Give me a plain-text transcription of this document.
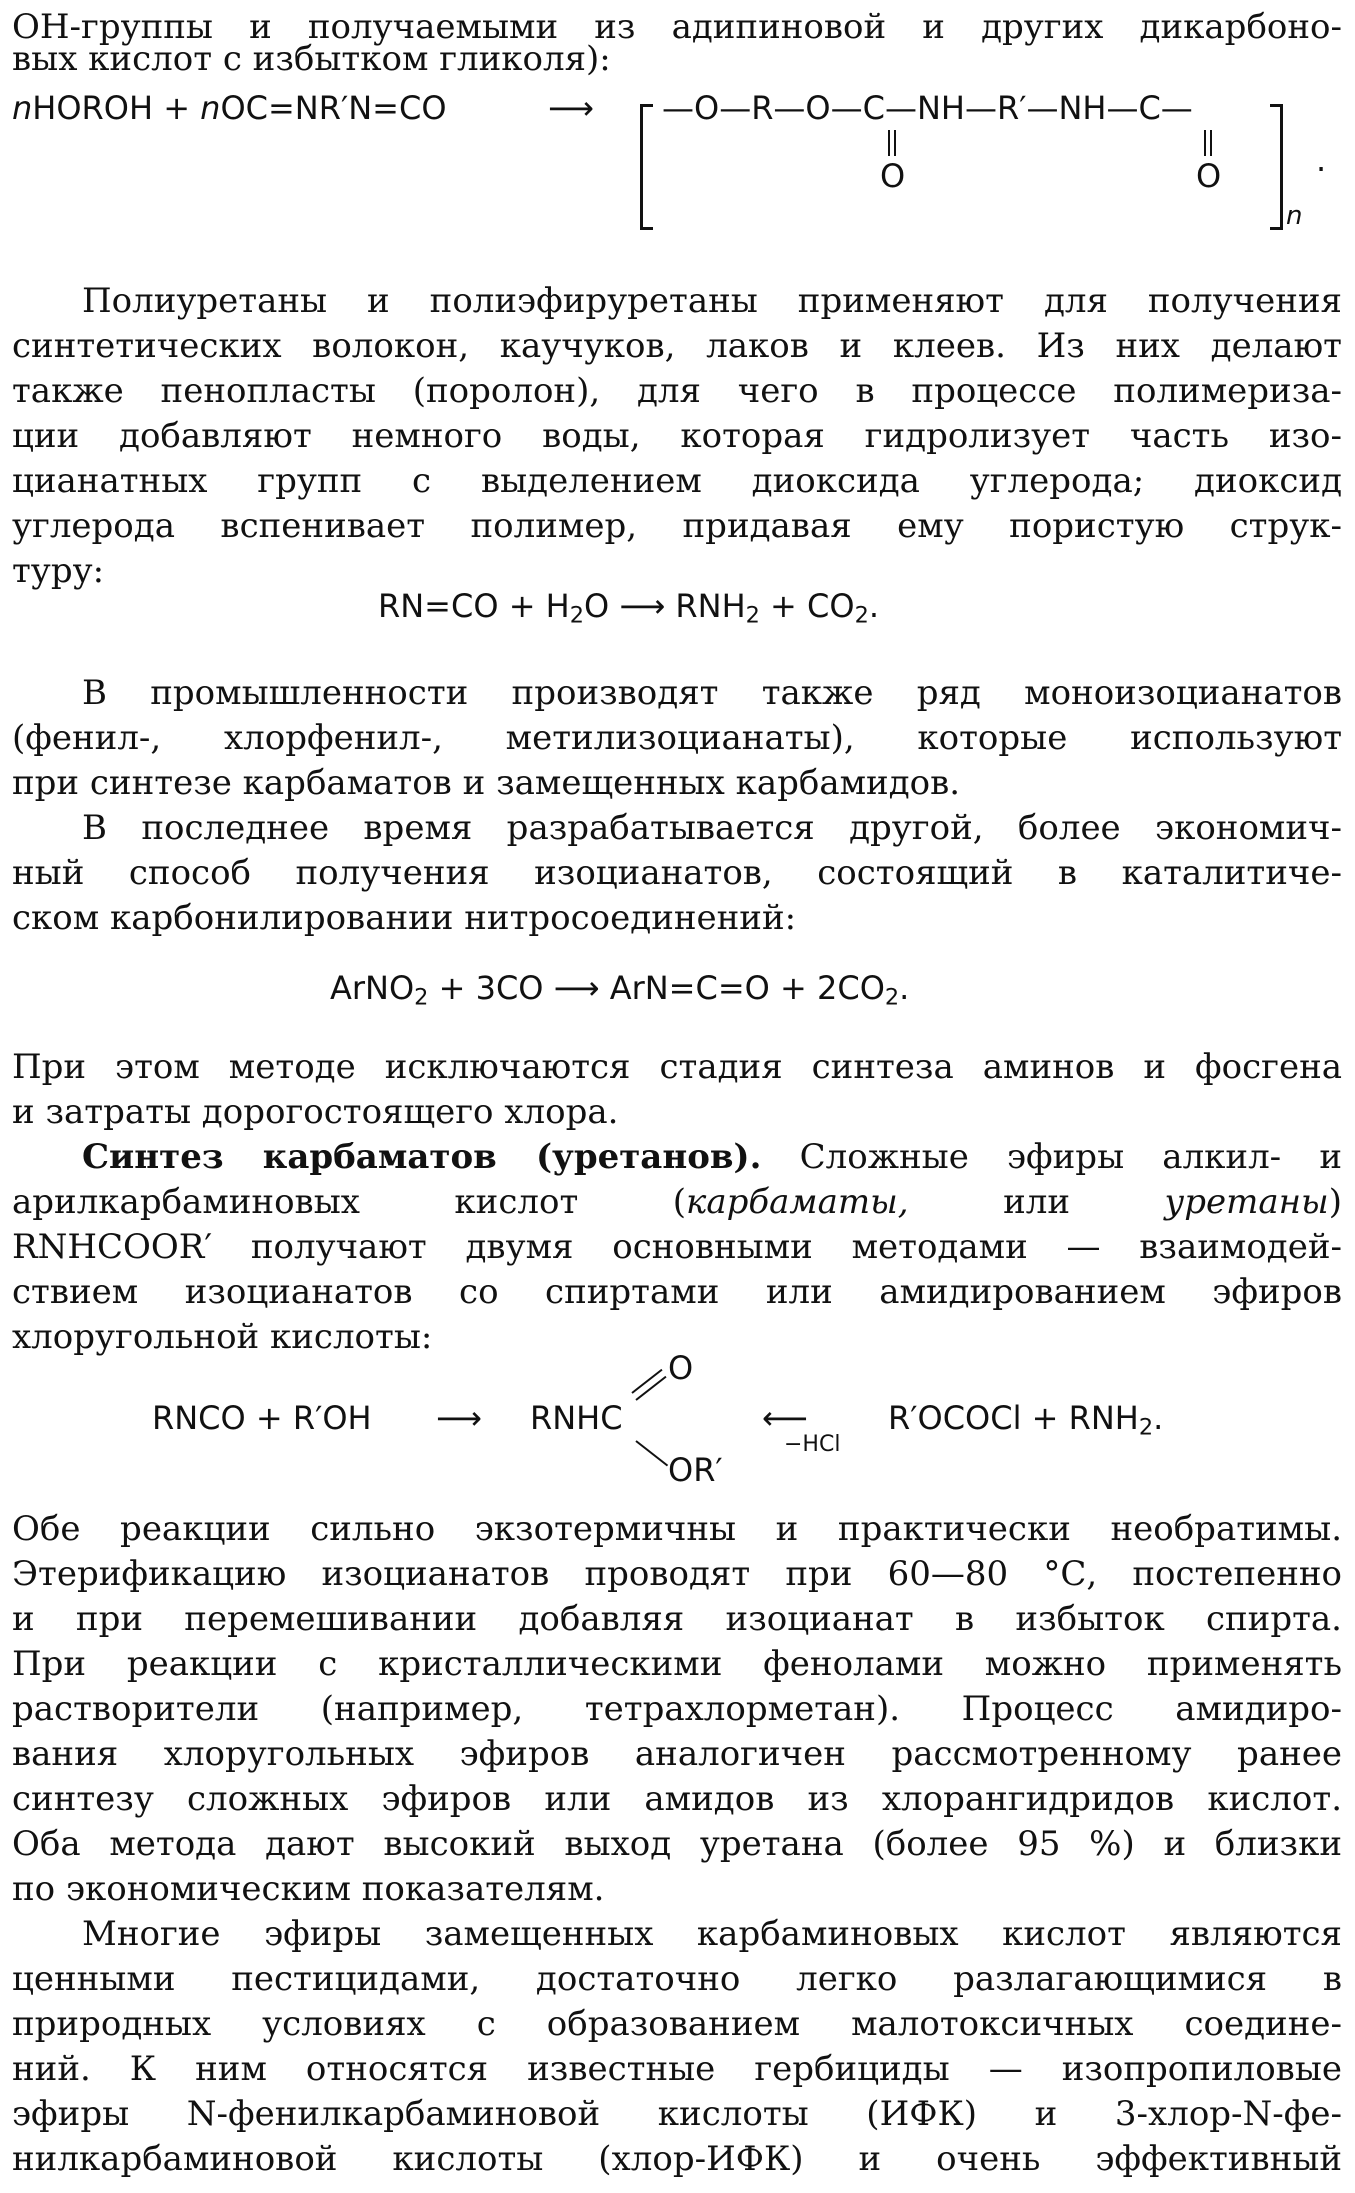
ОН-группы и получаемыми из адипиновой и других дикарбоно-
вых кислот с избытком гликоля):
nHOROH + nOC=NR′N=CO	⟶ —O—R—O—C—NH—R′—NH—C—
O	O
n
.
Полиуретаны и полиэфируретаны применяют для получения
синтетических волокон, каучуков, лаков и клеев. Из них делают
также пенопласты (поролон), для чего в процессе полимериза-
ции добавляют немного воды, которая гидролизует часть изо-
цианатных групп с выделением диоксида углерода; диоксид
углерода вспенивает полимер, придавая ему пористую струк-
туру:
$RN=CO + H_2O$ ⟶ $RNH_2 + CO_2$.
В промышленности производят также ряд моноизоцианатов
(фенил-, хлорфенил-, метилизоцианаты), которые используют
при синтезе карбаматов и замещенных карбамидов.
В последнее время разрабатывается другой, более экономич-
ный способ получения изоцианатов, состоящий в каталитиче-
ском карбонилировании нитросоединений:
ArNO$_2$ + 3CO ⟶ $ArN=C=O + 2CO_2$.
При этом методе исключаются стадия синтеза аминов и фосгена
и затраты дорогостоящего хлора.
Синтез карбаматов (уретанов). Сложные эфиры алкил- и
арилкарбаминовых кислот (карбаматы, или уретаны)
RNHCOOR′ получают двумя основными методами — взаимодей-
ствием изоцианатов со спиртами или амидированием эфиров
хлоругольной кислоты:
RNCO + R′OH ⟶ RNHC
O
OR′
⟵
−HCl
R′OCOCl + $RNH_2$.
Обе реакции сильно экзотермичны и практически необратимы.
Этерификацию изоцианатов проводят при 60—80 °С, постепенно
и при перемешивании добавляя изоцианат в избыток спирта.
При реакции с кристаллическими фенолами можно применять
растворители (например, тетрахлорметан). Процесс амидиро-
вания хлоругольных эфиров аналогичен рассмотренному ранее
синтезу сложных эфиров или амидов из хлорангидридов кислот.
Оба метода дают высокий выход уретана (более 95 %) и близки
по экономическим показателям.
Многие эфиры замещенных карбаминовых кислот являются
ценными пестицидами, достаточно легко разлагающимися в
природных условиях с образованием малотоксичных соедине-
ний. К ним относятся известные гербициды — изопропиловые
эфиры N-фенилкарбаминовой кислоты (ИФК) и 3-хлор-N-фе-
нилкарбаминовой кислоты (хлор-ИФК) и очень эффективный
